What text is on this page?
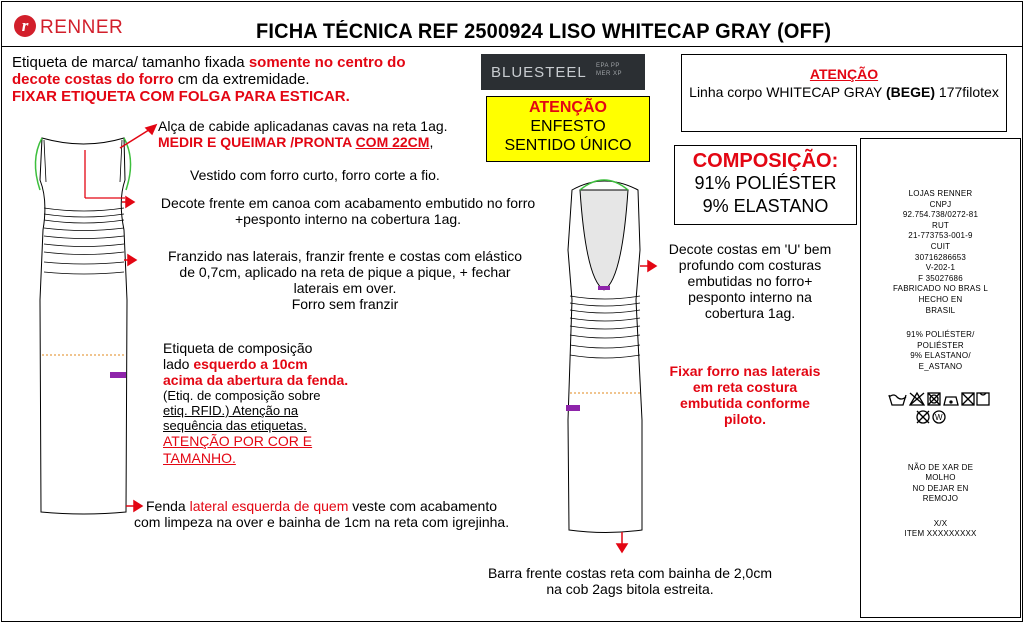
r RENNER	FICHA TÉCNICA REF 2500924 LISO WHITECAP GRAY (OFF)
Etiqueta de marca/ tamanho fixada somente no centro do
decote costas do forro cm da extremidade.
FIXAR ETIQUETA COM FOLGA PARA ESTICAR.
BLUESTEEL EPA PP
MER XP
ATENÇÃO
ENFESTO
SENTIDO ÚNICO
ATENÇÃO
Linha corpo WHITECAP GRAY (BEGE) 177filotex
COMPOSIÇÃO:
91% POLIÉSTER
9% ELASTANO
LOJAS RENNER
CNPJ
92.754.738/0272-81
RUT
21-773753-001-9
CUIT
30716286653
V-202-1
F 35027686
FABRICADO NO BRAS L
HECHO EN
BRASIL
91% POLIÉSTER/
POLIÉSTER
9% ELASTANO/
E_ASTANO
W
NÃO DE XAR DE
MOLHO
NO DEJAR EN
REMOJO
X/X
ITEM XXXXXXXXX
Alça de cabide aplicadanas cavas na reta 1ag.
MEDIR E QUEIMAR /PRONTA COM 22CM,
Vestido com forro curto, forro corte a fio.
Decote frente em canoa com acabamento embutido no forro
+pesponto interno na cobertura 1ag.
Franzido nas laterais, franzir frente e costas com elástico
de 0,7cm, aplicado na reta de pique a pique, + fechar
laterais em over.
Forro sem franzir
Etiqueta de composição
lado esquerdo a 10cm
acima da abertura da fenda.
(Etiq. de composição sobre
etiq. RFID.) Atenção na
sequência das etiquetas.
ATENÇÃO POR COR E
TAMANHO.
Fenda lateral esquerda de quem veste com acabamento
com limpeza na over e bainha de 1cm na reta com igrejinha.
Decote costas em 'U' bem
profundo com costuras
embutidas no forro+
pesponto interno na
cobertura 1ag.
Fixar forro nas laterais
em reta costura
embutida conforme
piloto.
Barra frente costas reta com bainha de 2,0cm
na cob 2ags bitola estreita.
